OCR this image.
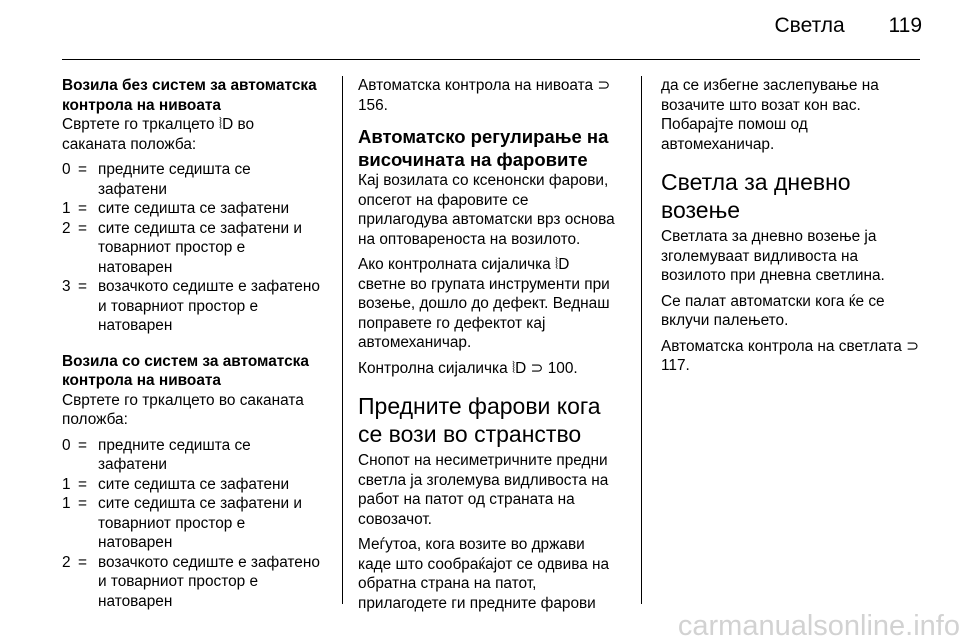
Светла 119
Возила без систем за автоматска контрола на нивоата

Свртете го тркалцето ⦚D во саканата положба:

0 = предните седишта се зафатени
1 = сите седишта се зафатени
2 = сите седишта се зафатени и товарниот простор е натоварен
3 = возачкото седиште е зафатено и товарниот простор е натоварен
Возила со систем за автоматска контрола на нивоата

Свртете го тркалцето во саканата положба:

0 = предните седишта се зафатени
1 = сите седишта се зафатени
1 = сите седишта се зафатени и товарниот простор е натоварен
2 = возачкото седиште е зафатено и товарниот простор е натоварен

Автоматска контрола на нивоата ⊃ 156.

Автоматско регулирање на височината на фаровите

Кај возилата со ксенонски фарови, опсегот на фаровите се прилагодува автоматски врз основа на оптовареноста на возилото.

Ако контролната сијаличка ⦚D светне во групата инструменти при возење, дошло до дефект. Веднаш поправете го дефектот кај автомеханичар.

Контролна сијаличка ⦚D ⊃ 100.

Предните фарови кога се вози во странство

Снопот на несиметричните предни светла ја зголемува видливоста на работ на патот од страната на совозачот.

Меѓутоа, кога возите во држави каде што сообраќајот се одвива на обратна страна на патот, прилагодете ги предните фарови

да се избегне заслепување на возачите што возат кон вас. Побарајте помош од автомеханичар.

Светла за дневно возење

Светлата за дневно возење ја зголемуваат видливоста на возилото при дневна светлина.

Се палат автоматски кога ќе се вклучи палењето.

Автоматска контрола на светлата ⊃ 117.

carmanualsonline.info
